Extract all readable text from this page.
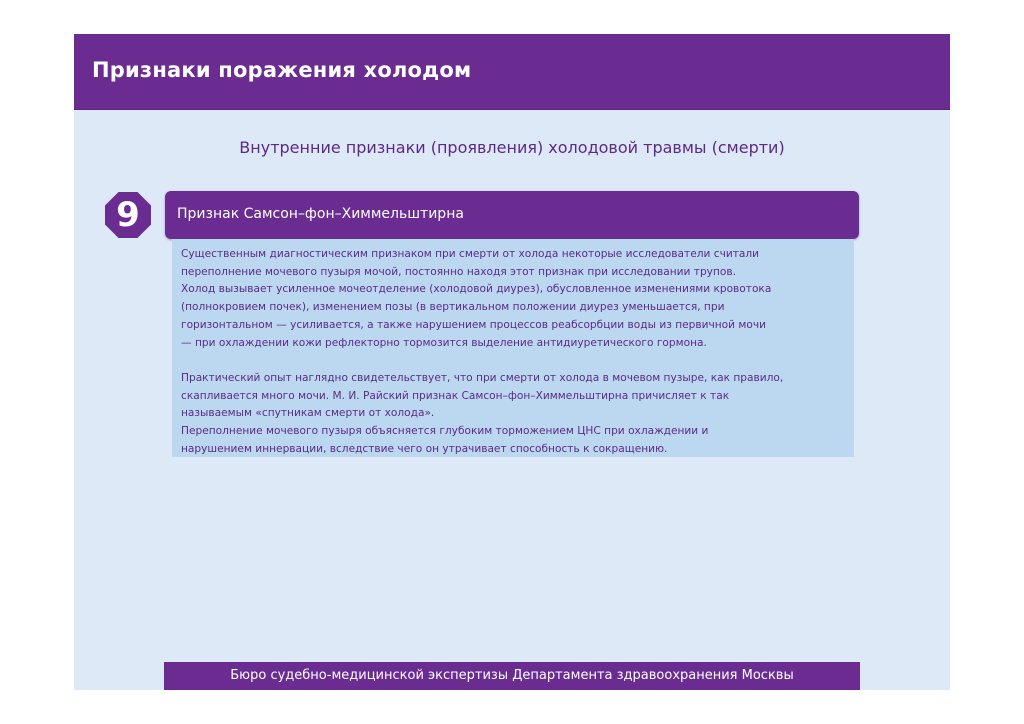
Признаки поражения холодом
Внутренние признаки (проявления) холодовой травмы (смерти)
9	Признак Самсон–фон–Химмельштирна

Существенным диагностическим признаком при смерти от холода некоторые исследователи считали

переполнение мочевого пузыря мочой, постоянно находя этот признак при исследовании трупов.

Холод вызывает усиленное мочеотделение (холодовой диурез), обусловленное изменениями кровотока

(полнокровием почек), изменением позы (в вертикальном положении диурез уменьшается, при

горизонтальном — усиливается, а также нарушением процессов реабсорбции воды из первичной мочи

— при охлаждении кожи рефлекторно тормозится выделение антидиуретического гормона.

Практический опыт наглядно свидетельствует, что при смерти от холода в мочевом пузыре, как правило,

скапливается много мочи. М. И. Райский признак Самсон–фон–Химмельштирна причисляет к так

называемым «спутникам смерти от холода».

Переполнение мочевого пузыря объясняется глубоким торможением ЦНС при охлаждении и

нарушением иннервации, вследствие чего он утрачивает способность к сокращению.

Бюро судебно-медицинской экспертизы Департамента здравоохранения Москвы
